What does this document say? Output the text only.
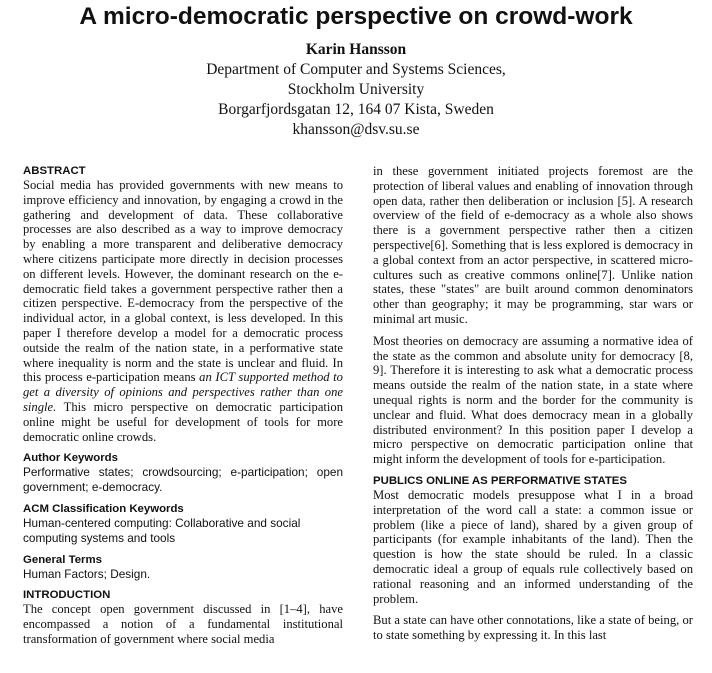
A micro-democratic perspective on crowd-work
Karin Hansson
Department of Computer and Systems Sciences,
Stockholm University
Borgarfjordsgatan 12, 164 07 Kista, Sweden
khansson@dsv.su.se
ABSTRACT

Social media has provided governments with new means to improve efficiency and innovation, by engaging a crowd in the gathering and development of data. These collaborative processes are also described as a way to improve democracy by enabling a more transparent and deliberative democracy where citizens participate more directly in decision processes on different levels. However, the dominant research on the e-democratic field takes a government perspective rather then a citizen perspective. E-democracy from the perspective of the individual actor, in a global context, is less developed. In this paper I therefore develop a model for a democratic process outside the realm of the nation state, in a performative state where inequality is norm and the state is unclear and fluid. In this process e-participation means an ICT supported method to get a diversity of opinions and perspectives rather than one single. This micro perspective on democratic participation online might be useful for development of tools for more democratic online crowds.

Author Keywords

Performative states; crowdsourcing; e-participation; open government; e-democracy.

ACM Classification Keywords

Human-centered computing: Collaborative and social computing systems and tools

General Terms

Human Factors; Design.

INTRODUCTION

The concept open government discussed in [1–4], have encompassed a notion of a fundamental institutional transformation of government where social media

in these government initiated projects foremost are the protection of liberal values and enabling of innovation through open data, rather then deliberation or inclusion [5]. A research overview of the field of e-democracy as a whole also shows there is a government perspective rather then a citizen perspective[6]. Something that is less explored is democracy in a global context from an actor perspective, in scattered micro-cultures such as creative commons online[7]. Unlike nation states, these "states" are built around common denominators other than geography; it may be programming, star wars or minimal art music.

Most theories on democracy are assuming a normative idea of the state as the common and absolute unity for democracy [8, 9]. Therefore it is interesting to ask what a democratic process means outside the realm of the nation state, in a state where unequal rights is norm and the border for the community is unclear and fluid. What does democracy mean in a globally distributed environment? In this position paper I develop a micro perspective on democratic participation online that might inform the development of tools for e-participation.

PUBLICS ONLINE AS PERFORMATIVE STATES

Most democratic models presuppose what I in a broad interpretation of the word call a state: a common issue or problem (like a piece of land), shared by a given group of participants (for example inhabitants of the land). Then the question is how the state should be ruled. In a classic democratic ideal a group of equals rule collectively based on rational reasoning and an informed understanding of the problem.

But a state can have other connotations, like a state of being, or to state something by expressing it. In this last
